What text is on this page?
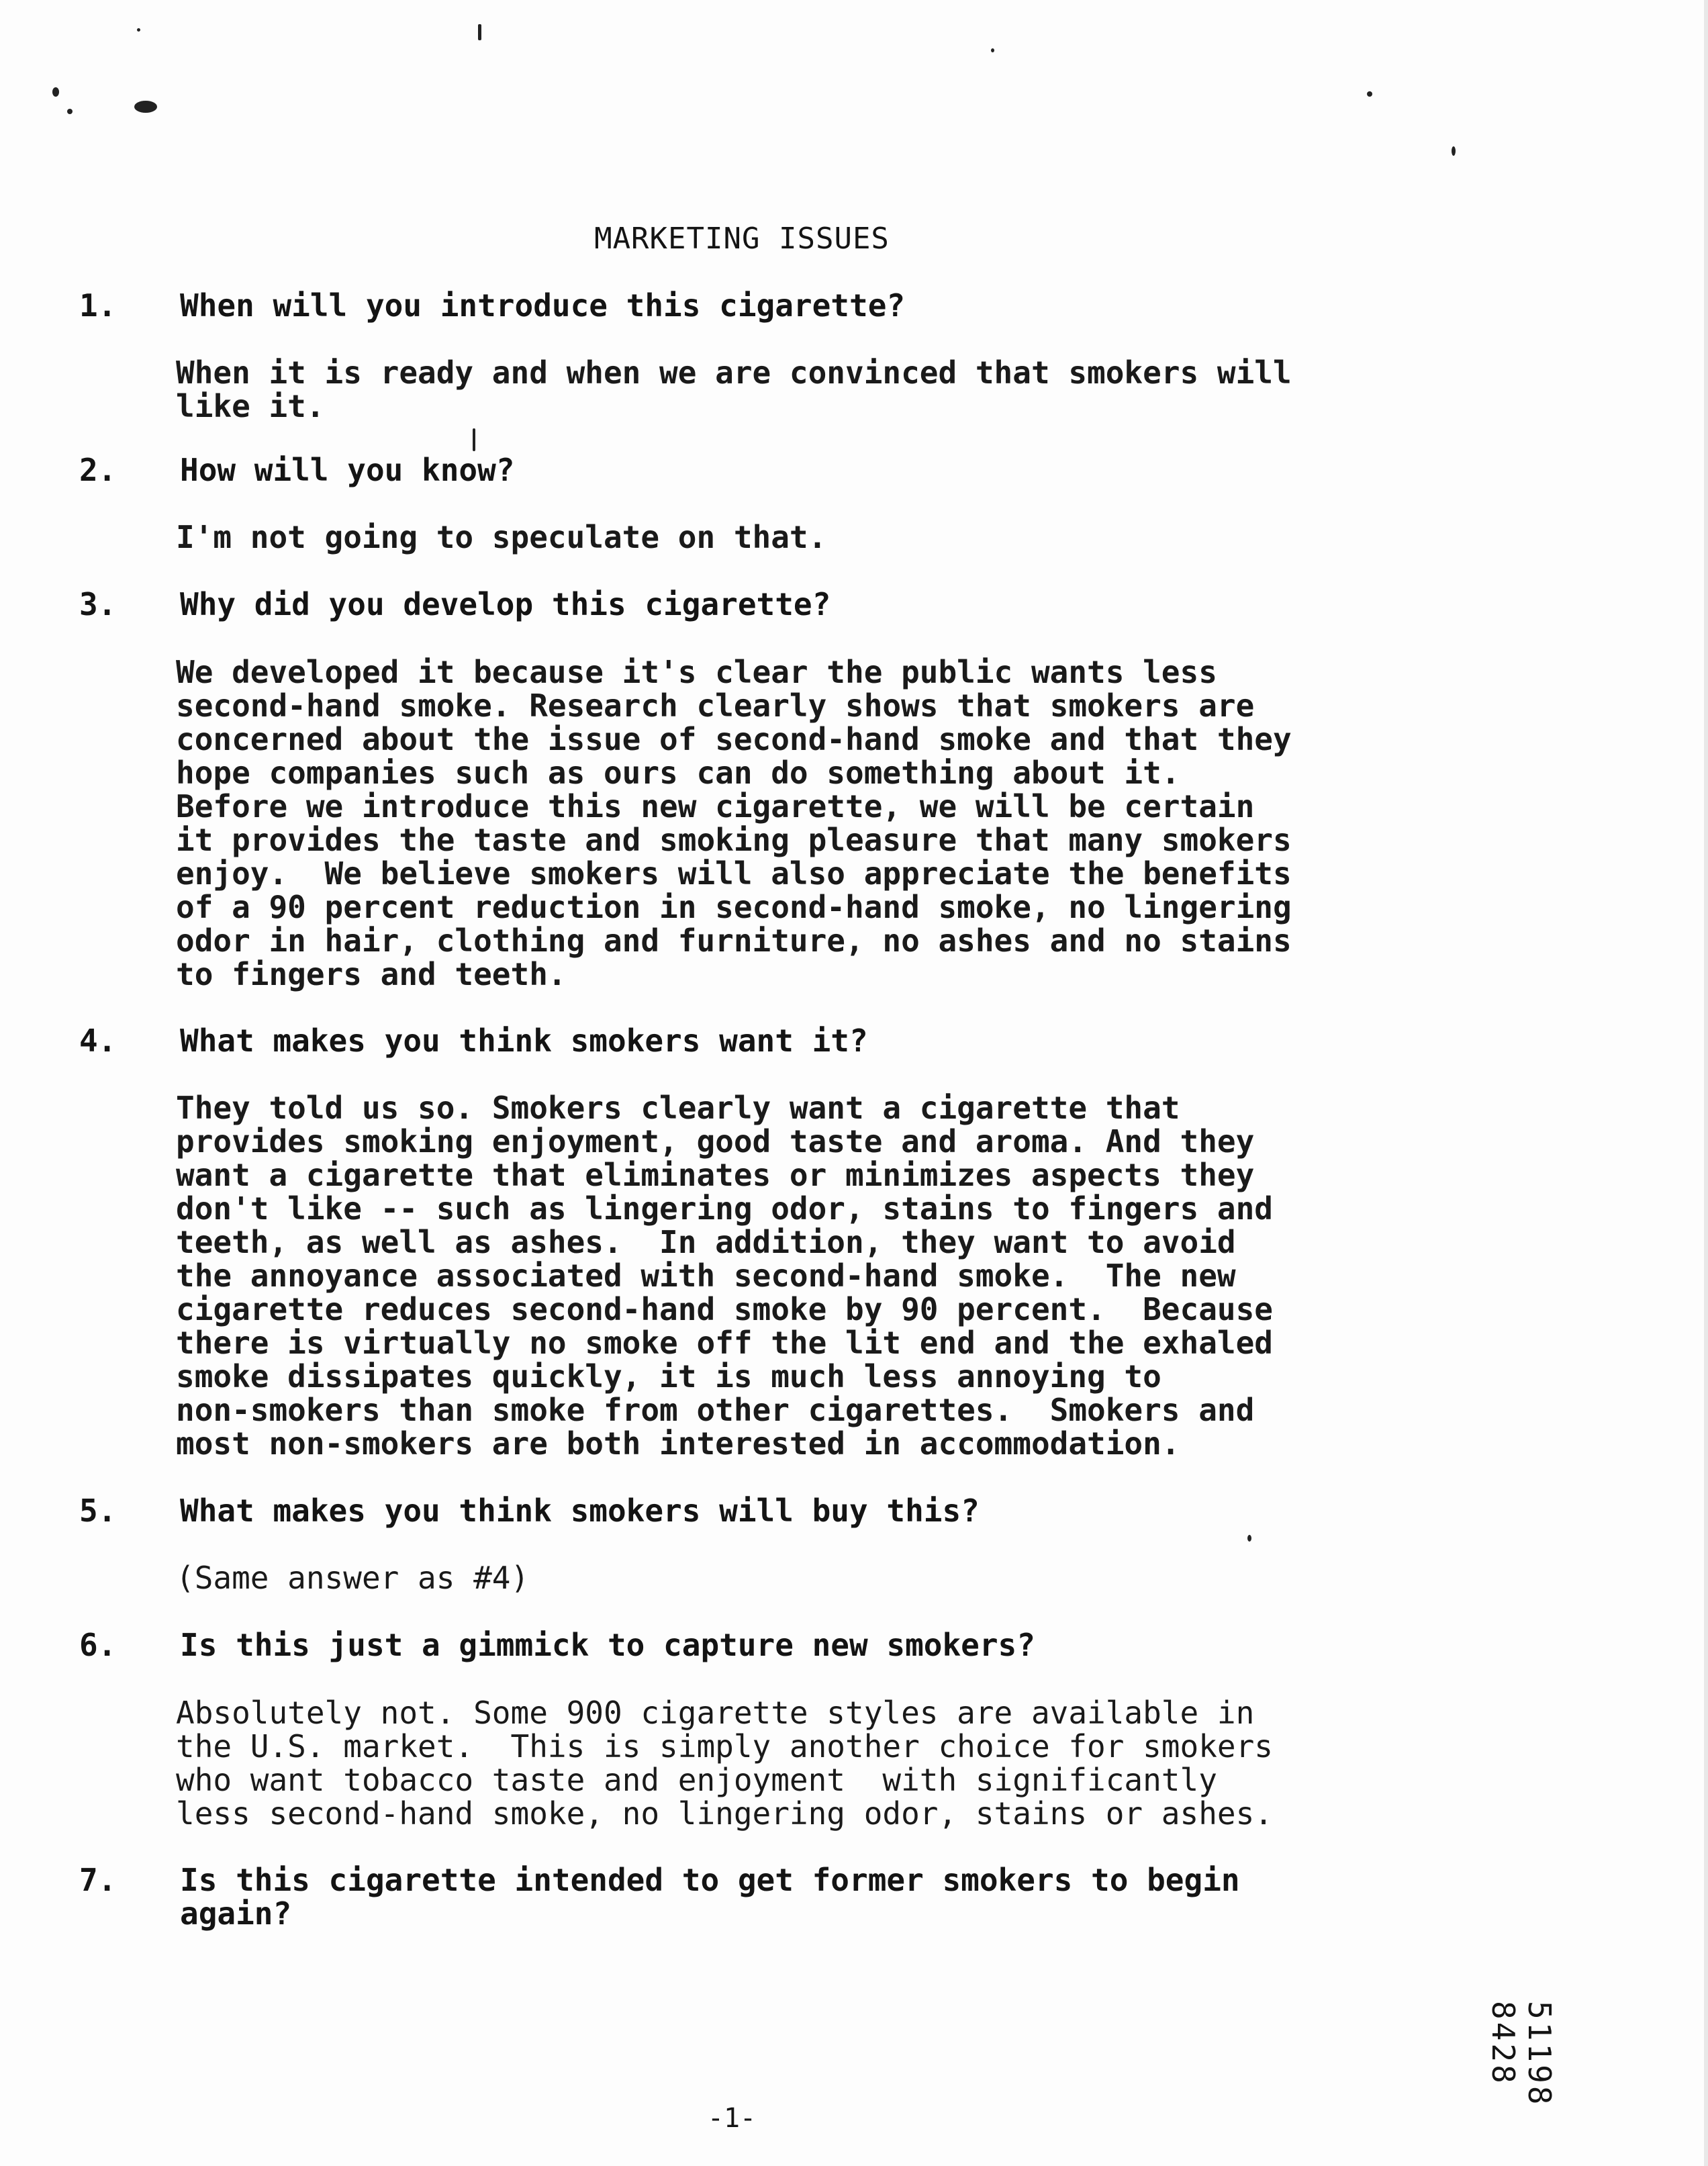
MARKETING ISSUES
1. When will you introduce this cigarette?
When it is ready and when we are convinced that smokers will
like it.
2. How will you know?
I'm not going to speculate on that.
3. Why did you develop this cigarette?
We developed it because it's clear the public wants less
second-hand smoke. Research clearly shows that smokers are
concerned about the issue of second-hand smoke and that they
hope companies such as ours can do something about it.
Before we introduce this new cigarette, we will be certain
it provides the taste and smoking pleasure that many smokers
enjoy.  We believe smokers will also appreciate the benefits
of a 90 percent reduction in second-hand smoke, no lingering
odor in hair, clothing and furniture, no ashes and no stains
to fingers and teeth.
4. What makes you think smokers want it?
They told us so. Smokers clearly want a cigarette that
provides smoking enjoyment, good taste and aroma. And they
want a cigarette that eliminates or minimizes aspects they
don't like -- such as lingering odor, stains to fingers and
teeth, as well as ashes.  In addition, they want to avoid
the annoyance associated with second-hand smoke.  The new
cigarette reduces second-hand smoke by 90 percent.  Because
there is virtually no smoke off the lit end and the exhaled
smoke dissipates quickly, it is much less annoying to
non-smokers than smoke from other cigarettes.  Smokers and
most non-smokers are both interested in accommodation.
5. What makes you think smokers will buy this?
(Same answer as #4)
6. Is this just a gimmick to capture new smokers?
Absolutely not. Some 900 cigarette styles are available in
the U.S. market.  This is simply another choice for smokers
who want tobacco taste and enjoyment  with significantly
less second-hand smoke, no lingering odor, stains or ashes.
7. Is this cigarette intended to get former smokers to begin
again?
-1-
51198 8428
